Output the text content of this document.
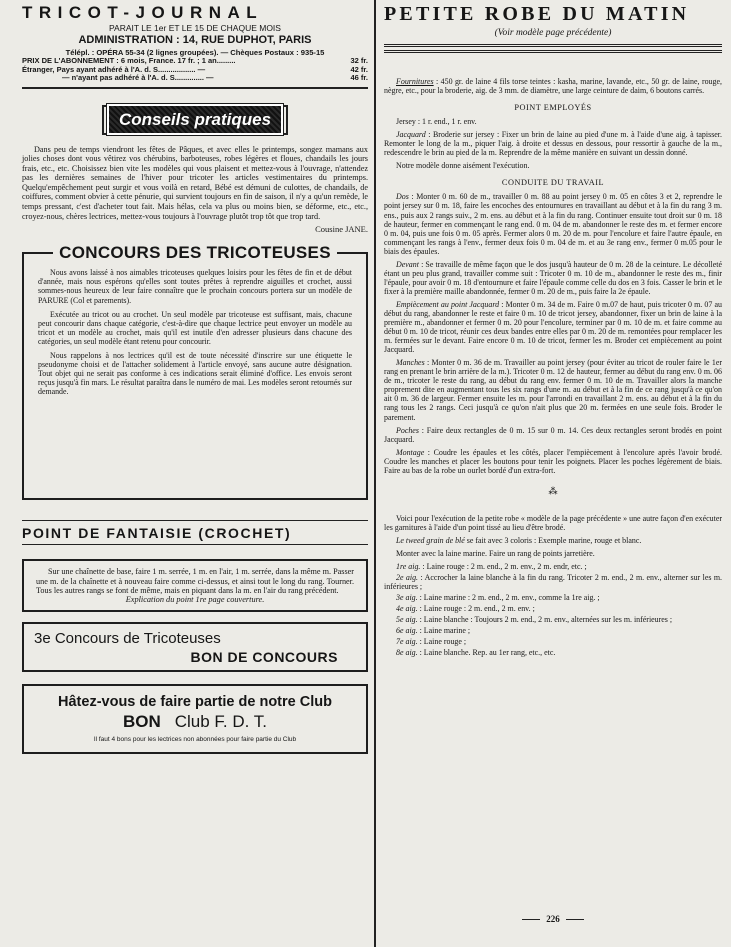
TRICOT-JOURNAL
PARAIT LE 1er ET LE 15 DE CHAQUE MOIS
ADMINISTRATION : 14, RUE DUPHOT, PARIS
Télépl. : OPÉRA 55-34 (2 lignes groupées). — Chèques Postaux : 935-15
PRIX DE L'ABONNEMENT : 6 mois, France. 17 fr. ; 1 an.........	32 fr.
Étranger, Pays ayant adhéré à l'A. d. S.................. —	42 fr.
— n'ayant pas adhéré à l'A. d. S.............. —	46 fr.
Conseils pratiques

Dans peu de temps viendront les fêtes de Pâques, et avec elles le printemps, songez mamans aux jolies choses dont vous vêtirez vos chérubins, barboteuses, robes légères et floues, chandails les jours frais, etc., etc. Choisissez bien vite les modèles qui vous plaisent et mettez-vous à l'ouvrage, n'attendez pas les dernières semaines de l'hiver pour tricoter les articles vestimentaires du printemps. Quelqu'empêchement peut surgir et vous voilà en retard, Bébé est démuni de culottes, de chandails, de coiffures, comment obvier à cette pénurie, qui survient toujours en fin de saison, il n'y a qu'un remède, le temps pressant, c'est d'acheter tout fait. Mais hélas, cela va plus ou moins bien, se déforme, etc., etc., croyez-nous, chères lectrices, mettez-vous toujours à l'ouvrage plutôt trop tôt que trop tard.

Cousine JANE.
CONCOURS DES TRICOTEUSES

Nous avons laissé à nos aimables tricoteuses quelques loisirs pour les fêtes de fin et de début d'année, mais nous espérons qu'elles sont toutes prêtes à reprendre aiguilles et crochet, aussi sommes-nous heureux de leur faire connaître que le prochain concours portera sur un modèle de PARURE (Col et parements).

Exécutée au tricot ou au crochet. Un seul modèle par tricoteuse est suffisant, mais, chacune peut concourir dans chaque catégorie, c'est-à-dire que chaque lectrice peut envoyer un modèle au tricot et un modèle au crochet, mais qu'il est inutile d'en adresser plusieurs dans chacune des catégories, un seul modèle étant retenu pour concourir.

Nous rappelons à nos lectrices qu'il est de toute nécessité d'inscrire sur une étiquette le pseudonyme choisi et de l'attacher solidement à l'article envoyé, sans aucune autre désignation. Tout objet qui ne serait pas conforme à ces indications serait éliminé d'office. Les envois seront reçus jusqu'à fin mars. Le résultat paraîtra dans le numéro de mai. Les modèles seront retournés sur demande.

POINT DE FANTAISIE (CROCHET)

Sur une chaînette de base, faire 1 m. serrée, 1 m. en l'air, 1 m. serrée, dans la même m. Passer une m. de la chaînette et à nouveau faire comme ci-dessus, et ainsi tout le long du rang. Tourner. Tous les autres rangs se font de même, mais en piquant dans la m. en l'air du rang précédent.

Explication du point 1re page couverture.

3e Concours de Tricoteuses
BON DE CONCOURS
Hâtez-vous de faire partie de notre Club
BON Club F. D. T.
Il faut 4 bons pour les lectrices non abonnées pour faire partie du Club
PETITE ROBE DU MATIN
(Voir modèle page précédente)

Fournitures : 450 gr. de laine 4 fils torse teintes : kasha, marine, lavande, etc., 50 gr. de laine, rouge, nègre, etc., pour la broderie, aig. de 3 mm. de diamètre, une large ceinture de daim, 6 boutons carrés.

POINT EMPLOYÉS

Jersey : 1 r. end., 1 r. env.

Jacquard : Broderie sur jersey : Fixer un brin de laine au pied d'une m. à l'aide d'une aig. à tapisser. Remonter le long de la m., piquer l'aig. à droite et dessus en dessous, pour ressortir à gauche de la m., redescendre le brin au pied de la m. Reprendre de la même manière en suivant un dessin donné.

Notre modèle donne aisément l'exécution.

CONDUITE DU TRAVAIL

Dos : Monter 0 m. 60 de m., travailler 0 m. 88 au point jersey 0 m. 05 en côtes 3 et 2, reprendre le point jersey sur 0 m. 18, faire les encoches des entournures en travaillant au début et à la fin du rang 3 m. ens., puis aux 2 rangs suiv., 2 m. ens. au début et à la fin du rang. Continuer ensuite tout droit sur 0 m. 18 de hauteur, fermer en commençant le rang end. 0 m. 04 de m. abandonner le reste des m. et fermer encore 0 m. 04, puis une fois 0 m. 05 après. Fermer alors 0 m. 20 de m. pour l'encolure et faire l'autre épaule, en commençant les rangs à l'env., fermer deux fois 0 m. 04 de m. et au 3e rang env., fermer 0 m.05 pour le biais des épaules.

Devant : Se travaille de même façon que le dos jusqu'à hauteur de 0 m. 28 de la ceinture. Le décolleté étant un peu plus grand, travailler comme suit : Tricoter 0 m. 10 de m., abandonner le reste des m., finir l'épaule, pour avoir 0 m. 18 d'entournure et faire l'épaule comme celle du dos en 3 fois. Casser le brin et le fixer à la première maille abandonnée, fermer 0 m. 20 de m., puis faire la 2e épaule.

Empiècement au point Jacquard : Monter 0 m. 34 de m. Faire 0 m.07 de haut, puis tricoter 0 m. 07 au début du rang, abandonner le reste et faire 0 m. 10 de tricot jersey, abandonner, fixer un brin de laine à la première m., abandonner et fermer 0 m. 20 pour l'encolure, terminer par 0 m. 10 de m. et faire comme au début 0 m. 10 de tricot, réunir ces deux bandes entre elles par 0 m. 20 de m. remontées pour remplacer les m. fermées sur le devant. Faire encore 0 m. 10 de tricot, fermer les m. Broder cet empiècement au point Jacquard.

Manches : Monter 0 m. 36 de m. Travailler au point jersey (pour éviter au tricot de rouler faire le 1er rang en prenant le brin arrière de la m.). Tricoter 0 m. 12 de hauteur, fermer au début du rang env. 0 m. 06 de m., tricoter le reste du rang, au début du rang env. fermer 0 m. 10 de m. Travailler alors la manche proprement dite en augmentant tous les six rangs d'une m. au début et à la fin de ce rang jusqu'à ce qu'on ait 0 m. 36 de largeur. Fermer ensuite les m. pour l'arrondi en travaillant 2 m. ens. au début et à la fin du rang tous les 2 rangs. Ceci jusqu'à ce qu'on n'ait plus que 20 m. fermées en une seule fois. Broder le parement.

Poches : Faire deux rectangles de 0 m. 15 sur 0 m. 14. Ces deux rectangles seront brodés en point Jacquard.

Montage : Coudre les épaules et les côtés, placer l'empiècement à l'encolure après l'avoir brodé. Coudre les manches et placer les boutons pour tenir les poignets. Placer les poches légèrement de biais. Faire au bas de la robe un ourlet bordé d'un extra-fort.

⁂

Voici pour l'exécution de la petite robe « modèle de la page précédente » une autre façon d'en exécuter les garnitures à l'aide d'un point tissé au lieu d'être brodé.

Le tweed grain de blé se fait avec 3 coloris : Exemple marine, rouge et blanc.

Monter avec la laine marine. Faire un rang de points jarretière.

1re aig. : Laine rouge : 2 m. end., 2 m. env., 2 m. endr, etc. ;

2e aig. : Accrocher la laine blanche à la fin du rang. Tricoter 2 m. end., 2 m. env., alterner sur les m. inférieures ;

3e aig. : Laine marine : 2 m. end., 2 m. env., comme la 1re aig. ;

4e aig. : Laine rouge : 2 m. end., 2 m. env. ;

5e aig. : Laine blanche : Toujours 2 m. end., 2 m. env., alternées sur les m. inférieures ;

6e aig. : Laine marine ;

7e aig. : Laine rouge ;

8e aig. : Laine blanche. Rep. au 1er rang, etc., etc.

226
